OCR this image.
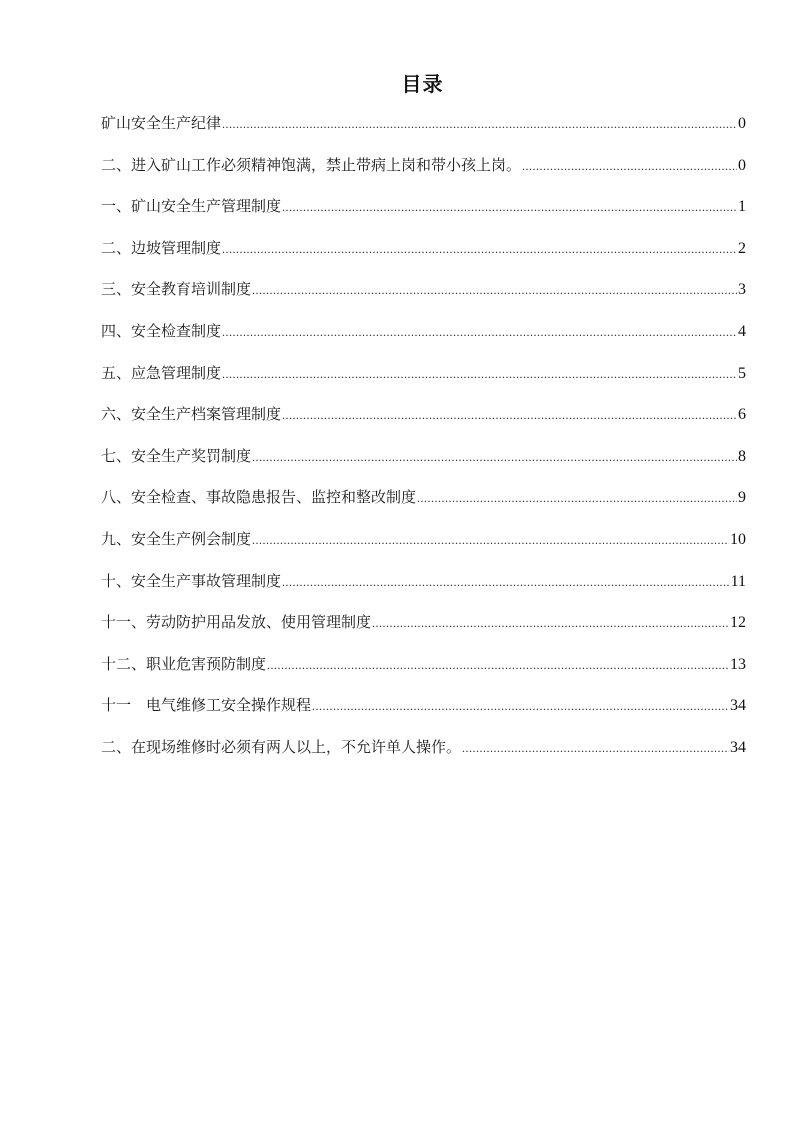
目录
矿山安全生产纪律 .....	0
二、进入矿山工作必须精神饱满，禁止带病上岗和带小孩上岗。 .....	0
一、矿山安全生产管理制度 .....	1
二、边坡管理制度 .....	2
三、安全教育培训制度 .....	3
四、安全检查制度 .....	4
五、应急管理制度 .....	5
六、安全生产档案管理制度 .....	6
七、安全生产奖罚制度 .....	8
八、安全检查、事故隐患报告、监控和整改制度 .....	9
九、安全生产例会制度 .....	10
十、安全生产事故管理制度 .....	11
十一、劳动防护用品发放、使用管理制度 .....	12
十二、职业危害预防制度 .....	13
十一　电气维修工安全操作规程 .....	34
二、在现场维修时必须有两人以上，不允许单人操作。 .....	34
